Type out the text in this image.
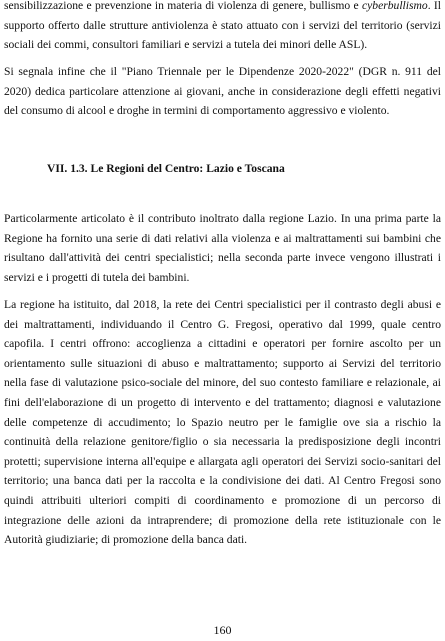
sensibilizzazione e prevenzione in materia di violenza di genere, bullismo e cyberbullismo. Il supporto offerto dalle strutture antiviolenza è stato attuato con i servizi del territorio (servizi sociali dei commi, consultori familiari e servizi a tutela dei minori delle ASL).

Si segnala infine che il "Piano Triennale per le Dipendenze 2020-2022" (DGR n. 911 del 2020) dedica particolare attenzione ai giovani, anche in considerazione degli effetti negativi del consumo di alcool e droghe in termini di comportamento aggressivo e violento.

VII. 1.3. Le Regioni del Centro: Lazio e Toscana

Particolarmente articolato è il contributo inoltrato dalla regione Lazio. In una prima parte la Regione ha fornito una serie di dati relativi alla violenza e ai maltrattamenti sui bambini che risultano dall'attività dei centri specialistici; nella seconda parte invece vengono illustrati i servizi e i progetti di tutela dei bambini.

La regione ha istituito, dal 2018, la rete dei Centri specialistici per il contrasto degli abusi e dei maltrattamenti, individuando il Centro G. Fregosi, operativo dal 1999, quale centro capofila. I centri offrono: accoglienza a cittadini e operatori per fornire ascolto per un orientamento sulle situazioni di abuso e maltrattamento; supporto ai Servizi del territorio nella fase di valutazione psico-sociale del minore, del suo contesto familiare e relazionale, ai fini dell'elaborazione di un progetto di intervento e del trattamento; diagnosi e valutazione delle competenze di accudimento; lo Spazio neutro per le famiglie ove sia a rischio la continuità della relazione genitore/figlio o sia necessaria la predisposizione degli incontri protetti; supervisione interna all'equipe e allargata agli operatori dei Servizi socio-sanitari del territorio; una banca dati per la raccolta e la condivisione dei dati. Al Centro Fregosi sono quindi attribuiti ulteriori compiti di coordinamento e promozione di un percorso di integrazione delle azioni da intraprendere; di promozione della rete istituzionale con le Autorità giudiziarie; di promozione della banca dati.

160
